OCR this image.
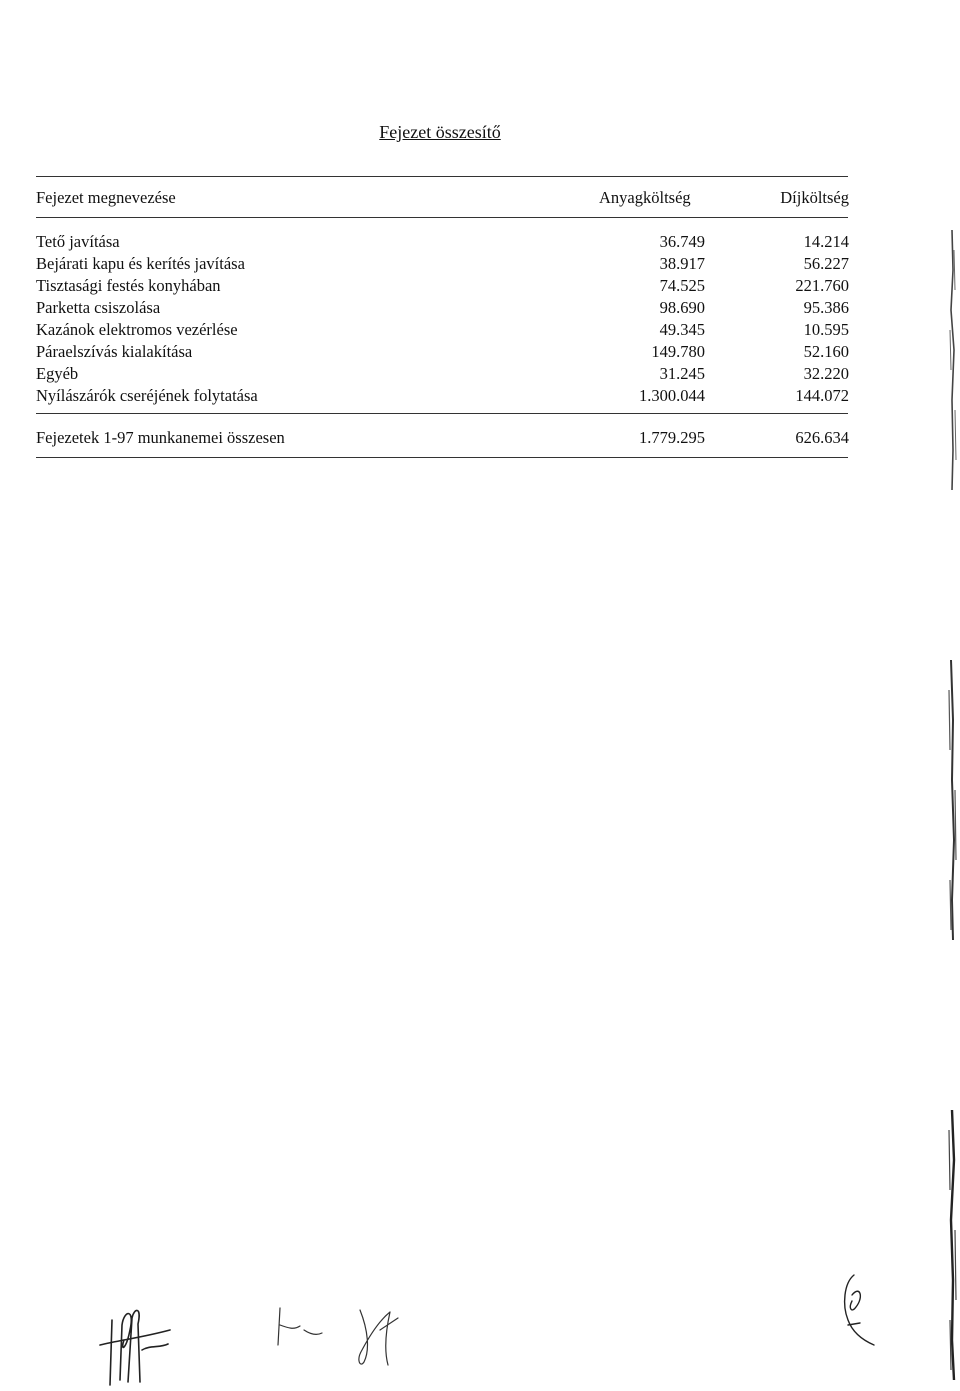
Fejezet összesítő
Fejezet megnevezése	Anyagköltség	Díjköltség
Tető javítása	36.749	14.214
Bejárati kapu és kerítés javítása	38.917	56.227
Tisztasági festés konyhában	74.525	221.760
Parketta csiszolása	98.690	95.386
Kazánok elektromos vezérlése	49.345	10.595
Páraelszívás kialakítása	149.780	52.160
Egyéb	31.245	32.220
Nyílászárók cseréjének folytatása	1.300.044	144.072
Fejezetek 1-97 munkanemei összesen	1.779.295	626.634
